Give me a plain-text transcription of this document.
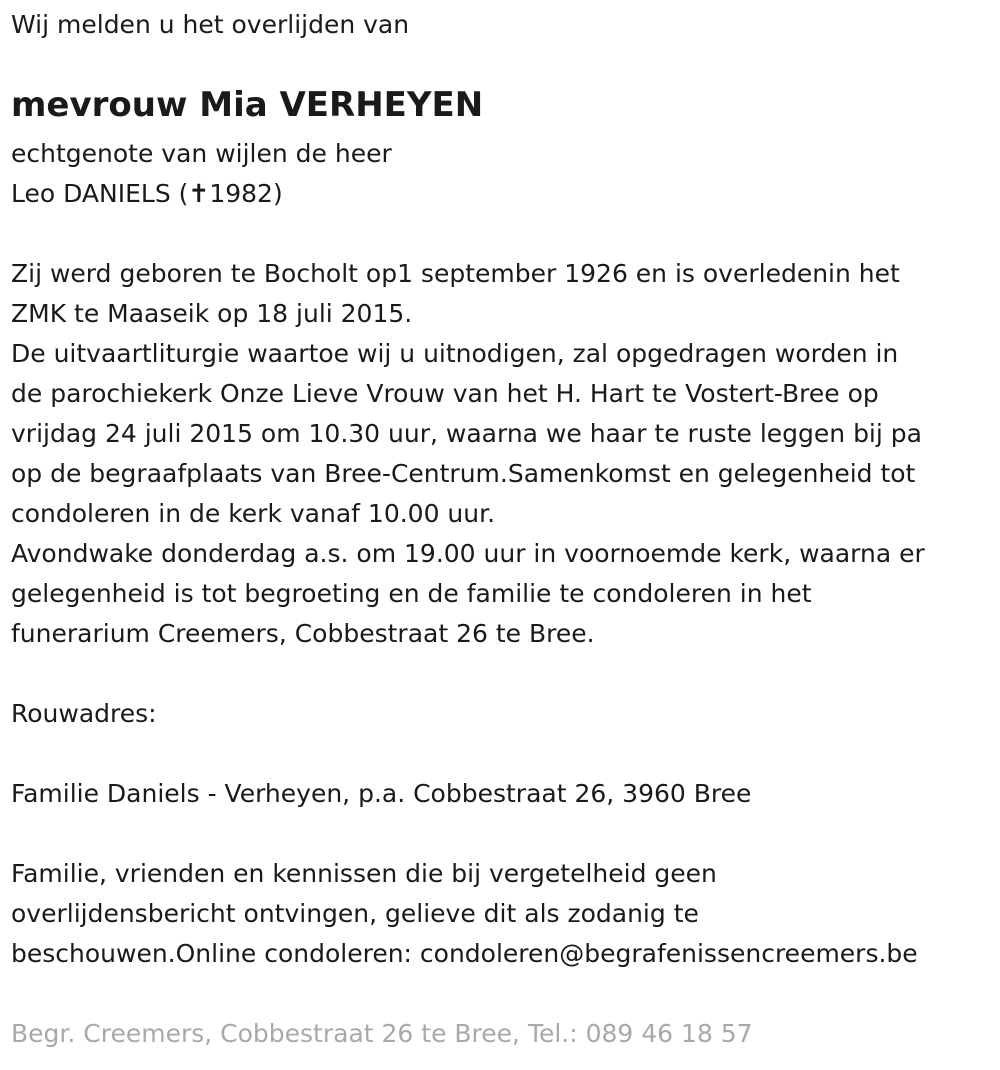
Wij melden u het overlijden van
mevrouw Mia VERHEYEN
echtgenote van wijlen de heer
Leo DANIELS (✝1982)
Zij werd geboren te Bocholt op1 september 1926 en is overledenin het
ZMK te Maaseik op 18 juli 2015.
De uitvaartliturgie waartoe wij u uitnodigen, zal opgedragen worden in
de parochiekerk Onze Lieve Vrouw van het H. Hart te Vostert-Bree op
vrijdag 24 juli 2015 om 10.30 uur, waarna we haar te ruste leggen bij pa
op de begraafplaats van Bree-Centrum.Samenkomst en gelegenheid tot
condoleren in de kerk vanaf 10.00 uur.
Avondwake donderdag a.s. om 19.00 uur in voornoemde kerk, waarna er
gelegenheid is tot begroeting en de familie te condoleren in het
funerarium Creemers, Cobbestraat 26 te Bree.
Rouwadres:
Familie Daniels - Verheyen, p.a. Cobbestraat 26, 3960 Bree
Familie, vrienden en kennissen die bij vergetelheid geen
overlijdensbericht ontvingen, gelieve dit als zodanig te
beschouwen.Online condoleren: condoleren@begrafenissencreemers.be
Begr. Creemers, Cobbestraat 26 te Bree, Tel.: 089 46 18 57
